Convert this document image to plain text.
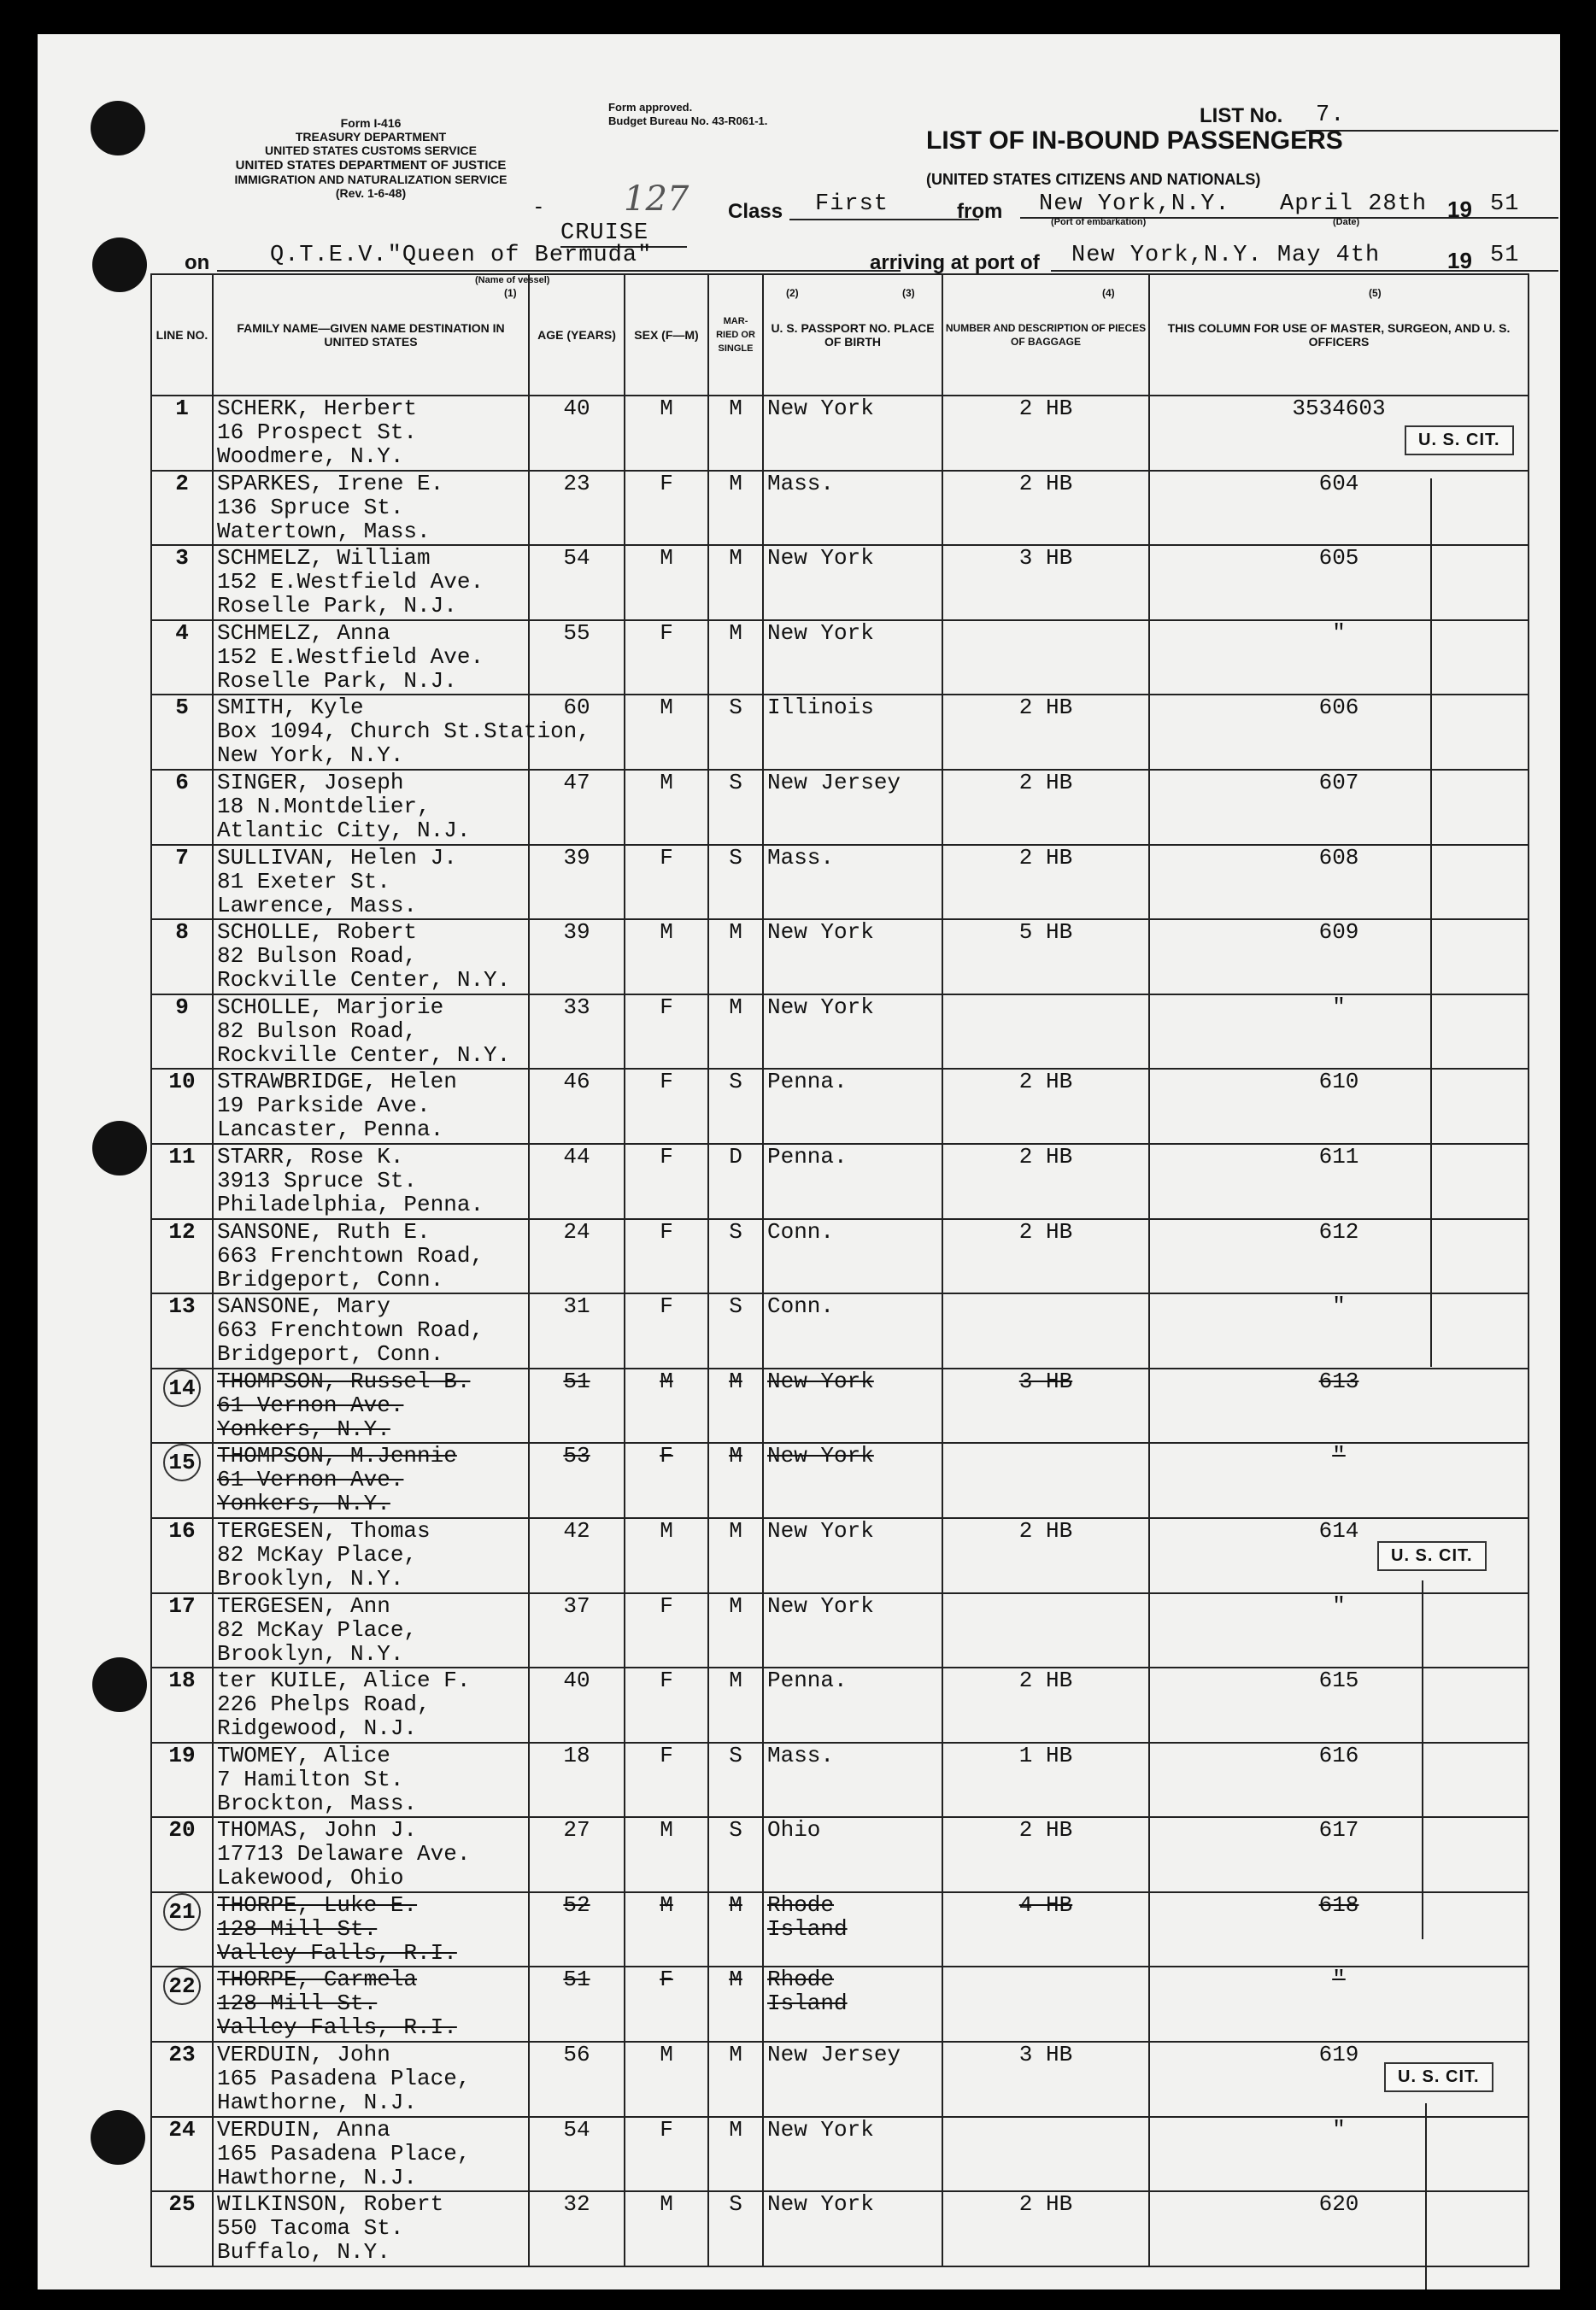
Form I-416
TREASURY DEPARTMENT
UNITED STATES CUSTOMS SERVICE
UNITED STATES DEPARTMENT OF JUSTICE
IMMIGRATION AND NATURALIZATION SERVICE
(Rev. 1-6-48)
Form approved.
Budget Bureau No. 43-R061-1.	LIST No. 7.
LIST OF IN-BOUND PASSENGERS
(UNITED STATES CITIZENS AND NATIONALS)
- 127 Class First	from New York,N.Y.
(Port of embarkation)
April 28th
(Date)	19 51
CRUISE
on	Q.T.E.V."Queen of Bermuda"
(Name of vessel)
arriving at port of New York,N.Y. May 4th	19 51
(1)	(2)	(3)	(4)	(5)
U. S. CIT.
U. S. CIT.
U. S. CIT.
LINE NO.	FAMILY NAME—GIVEN NAME DESTINATION IN UNITED STATES	AGE (YEARS)	SEX (F—M)	MAR- RIED OR SINGLE	U. S. PASSPORT NO. PLACE OF BIRTH	NUMBER AND DESCRIPTION OF PIECES OF BAGGAGE	THIS COLUMN FOR USE OF MASTER, SURGEON, AND U. S. OFFICERS
1	SCHERK, Herbert
16 Prospect St.
Woodmere, N.Y.	40	M	M	New York	2 HB	3534603
2	SPARKES, Irene E.
136 Spruce St.
Watertown, Mass.	23	F	M	Mass.	2 HB	604
3	SCHMELZ, William
152 E.Westfield Ave.
Roselle Park, N.J.	54	M	M	New York	3 HB	605
4	SCHMELZ, Anna
152 E.Westfield Ave.
Roselle Park, N.J.	55	F	M	New York		"
5	SMITH, Kyle
Box 1094, Church St.Station,
New York, N.Y.	60	M	S	Illinois	2 HB	606
6	SINGER, Joseph
18 N.Montdelier,
Atlantic City, N.J.	47	M	S	New Jersey	2 HB	607
7	SULLIVAN, Helen J.
81 Exeter St.
Lawrence, Mass.	39	F	S	Mass.	2 HB	608
8	SCHOLLE, Robert
82 Bulson Road,
Rockville Center, N.Y.	39	M	M	New York	5 HB	609
9	SCHOLLE, Marjorie
82 Bulson Road,
Rockville Center, N.Y.	33	F	M	New York		"
10	STRAWBRIDGE, Helen
19 Parkside Ave.
Lancaster, Penna.	46	F	S	Penna.	2 HB	610
11	STARR, Rose K.
3913 Spruce St.
Philadelphia, Penna.	44	F	D	Penna.	2 HB	611
12	SANSONE, Ruth E.
663 Frenchtown Road,
Bridgeport, Conn.	24	F	S	Conn.	2 HB	612
13	SANSONE, Mary
663 Frenchtown Road,
Bridgeport, Conn.	31	F	S	Conn.		"
14	THOMPSON, Russel B.
61 Vernon Ave.
Yonkers, N.Y.	51	M	M	New York	3 HB	613
15	THOMPSON, M.Jennie
61 Vernon Ave.
Yonkers, N.Y.	53	F	M	New York		"
16	TERGESEN, Thomas
82 McKay Place,
Brooklyn, N.Y.	42	M	M	New York	2 HB	614
17	TERGESEN, Ann
82 McKay Place,
Brooklyn, N.Y.	37	F	M	New York		"
18	ter KUILE, Alice F.
226 Phelps Road,
Ridgewood, N.J.	40	F	M	Penna.	2 HB	615
19	TWOMEY, Alice
7 Hamilton St.
Brockton, Mass.	18	F	S	Mass.	1 HB	616
20	THOMAS, John J.
17713 Delaware Ave.
Lakewood, Ohio	27	M	S	Ohio	2 HB	617
21	THORPE, Luke E.
128 Mill St.
Valley Falls, R.I.	52	M	M	Rhode
Island	4 HB	618
22	THORPE, Carmela
128 Mill St.
Valley Falls, R.I.	51	F	M	Rhode
Island		"
23	VERDUIN, John
165 Pasadena Place,
Hawthorne, N.J.	56	M	M	New Jersey	3 HB	619
24	VERDUIN, Anna
165 Pasadena Place,
Hawthorne, N.J.	54	F	M	New York		"
25	WILKINSON, Robert
550 Tacoma St.
Buffalo, N.Y.	32	M	S	New York	2 HB	620
